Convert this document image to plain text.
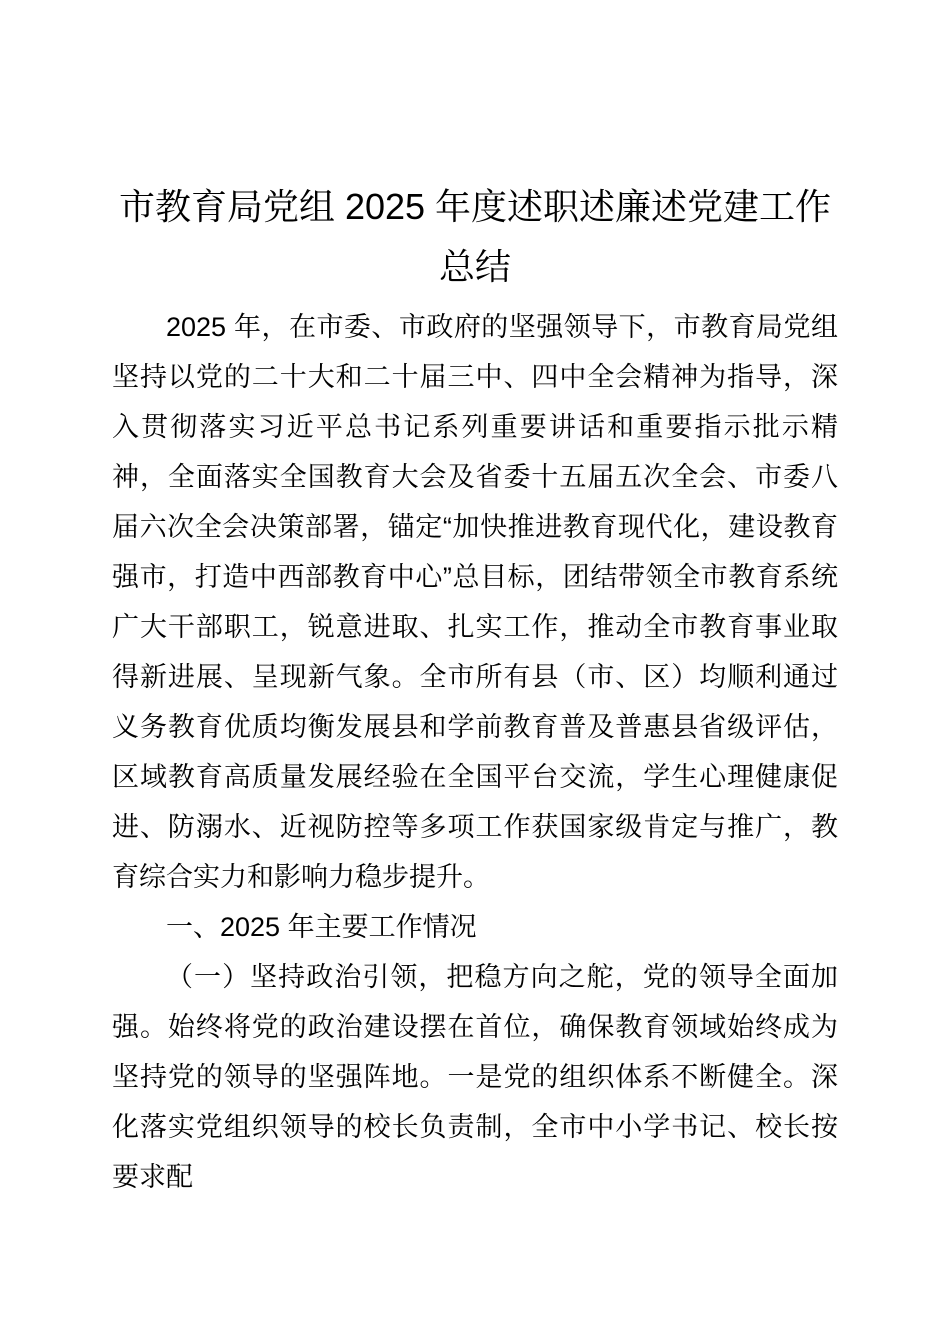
市教育局党组 2025 年度述职述廉述党建工作总结

2025 年，在市委、市政府的坚强领导下，市教育局党组坚持以党的二十大和二十届三中、四中全会精神为指导，深入贯彻落实习近平总书记系列重要讲话和重要指示批示精神，全面落实全国教育大会及省委十五届五次全会、市委八届六次全会决策部署，锚定“加快推进教育现代化，建设教育强市，打造中西部教育中心”总目标，团结带领全市教育系统广大干部职工，锐意进取、扎实工作，推动全市教育事业取得新进展、呈现新气象。全市所有县（市、区）均顺利通过义务教育优质均衡发展县和学前教育普及普惠县省级评估，区域教育高质量发展经验在全国平台交流，学生心理健康促进、防溺水、近视防控等多项工作获国家级肯定与推广，教育综合实力和影响力稳步提升。

一、2025 年主要工作情况

（一）坚持政治引领，把稳方向之舵，党的领导全面加强。始终将党的政治建设摆在首位，确保教育领域始终成为坚持党的领导的坚强阵地。一是党的组织体系不断健全。深化落实党组织领导的校长负责制，全市中小学书记、校长按要求配
